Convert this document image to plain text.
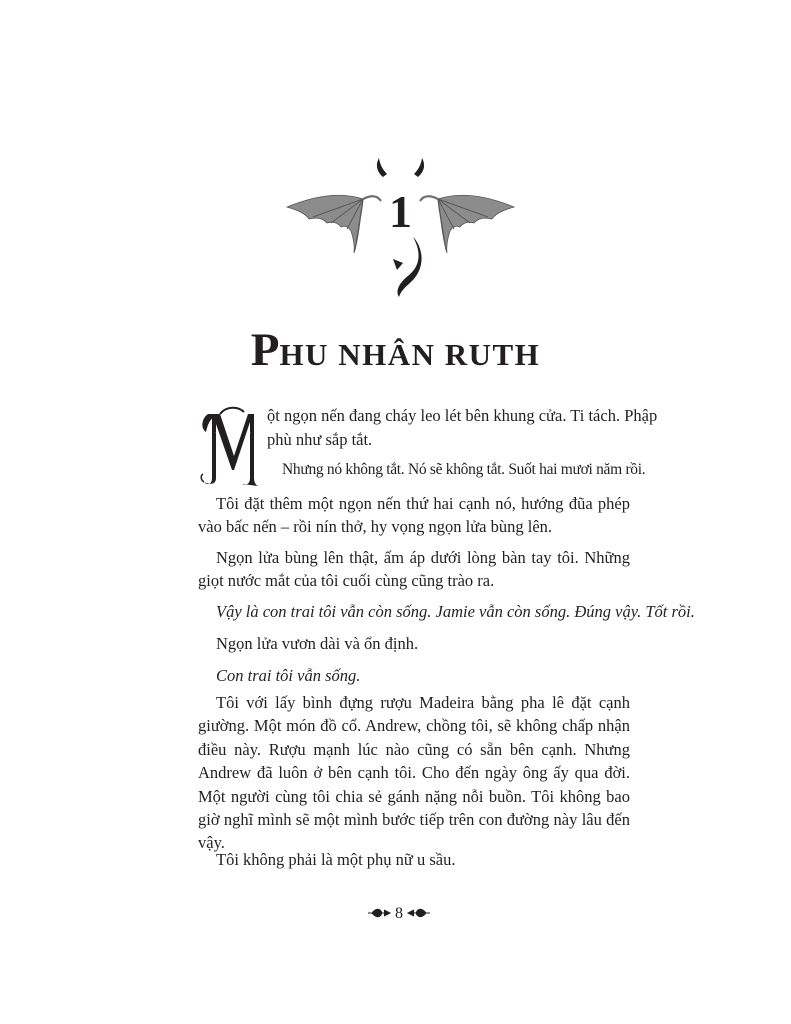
1
PHU NHÂN RUTH

ột ngọn nến đang cháy leo lét bên khung cửa. Ti tách. Phập

phù như sắp tắt.

Nhưng nó không tắt. Nó sẽ không tắt. Suốt hai mươi năm rồi.

Tôi đặt thêm một ngọn nến thứ hai cạnh nó, hướng đũa phép vào bấc nến – rồi nín thở, hy vọng ngọn lửa bùng lên.

Ngọn lửa bùng lên thật, ấm áp dưới lòng bàn tay tôi. Những giọt nước mắt của tôi cuối cùng cũng trào ra.

Vậy là con trai tôi vẫn còn sống. Jamie vẫn còn sống. Đúng vậy. Tốt rồi.

Ngọn lửa vươn dài và ổn định.

Con trai tôi vẫn sống.

Tôi với lấy bình đựng rượu Madeira bằng pha lê đặt cạnh giường. Một món đồ cổ. Andrew, chồng tôi, sẽ không chấp nhận điều này. Rượu mạnh lúc nào cũng có sẵn bên cạnh. Nhưng Andrew đã luôn ở bên cạnh tôi. Cho đến ngày ông ấy qua đời. Một người cùng tôi chia sẻ gánh nặng nỗi buồn. Tôi không bao giờ nghĩ mình sẽ một mình bước tiếp trên con đường này lâu đến vậy.

Tôi không phải là một phụ nữ u sầu.

8
